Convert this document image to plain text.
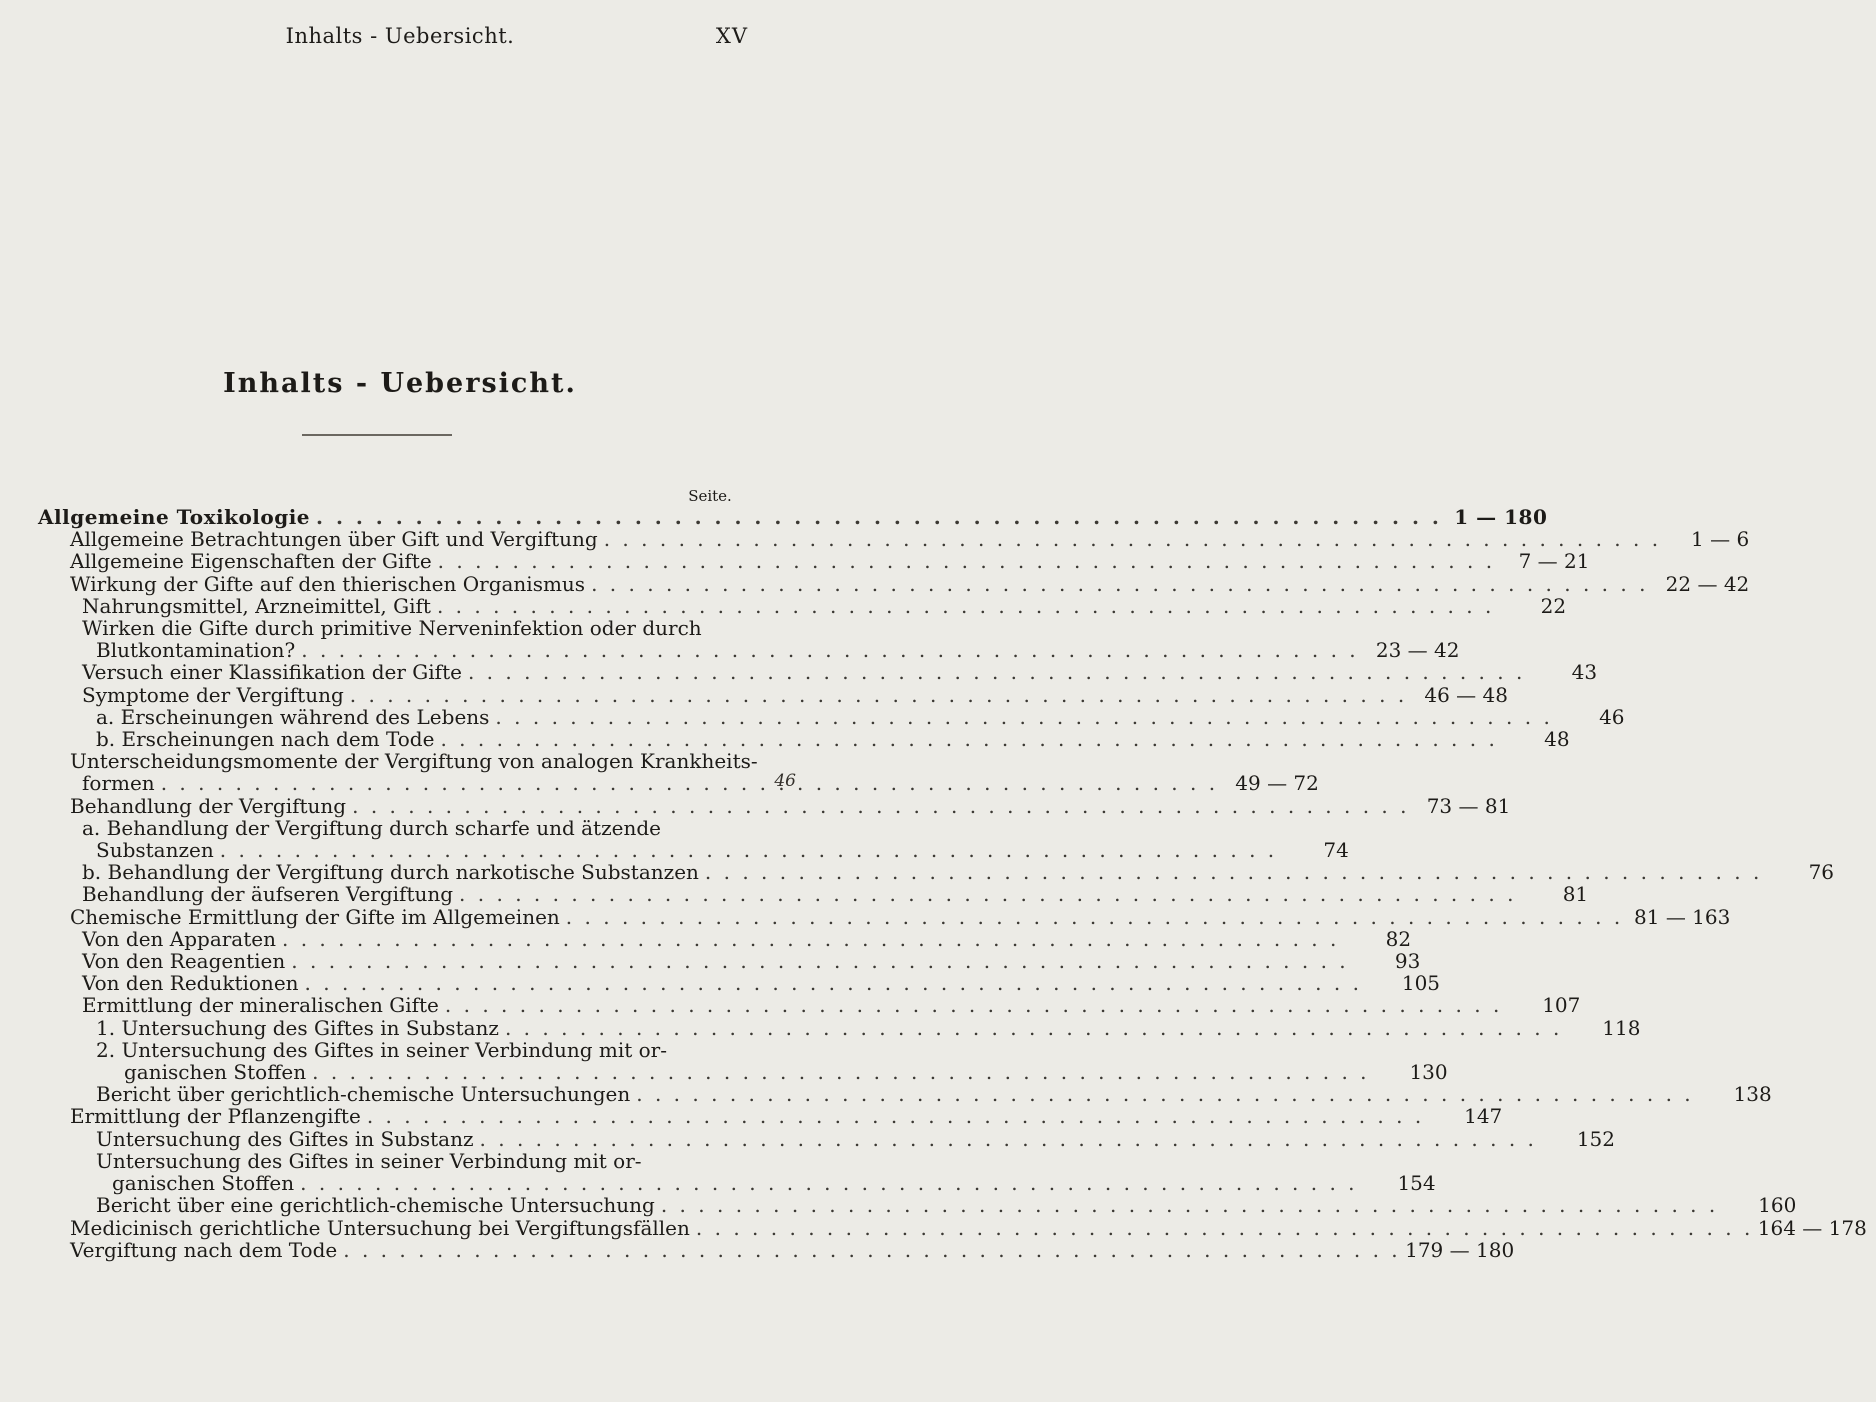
Inhalts - Uebersicht.	XV
Inhalts - Uebersicht.
Seite.
Allgemeine Toxikologie . . .	1 — 180
Allgemeine Betrachtungen über Gift und Vergiftung . . .	1 — 6
Allgemeine Eigenschaften der Gifte . . .	7 — 21
Wirkung der Gifte auf den thierischen Organismus . . .	22 — 42
Nahrungsmittel, Arzneimittel, Gift . . .	22
Wirken die Gifte durch primitive Nerveninfektion oder durch
Blutkontamination? . . .	23 — 42
Versuch einer Klassifikation der Gifte . . .	43
Symptome der Vergiftung . . .	46 — 48
a. Erscheinungen während des Lebens . . .	46
b. Erscheinungen nach dem Tode . . .	48
Unterscheidungsmomente der Vergiftung von analogen Krankheits-
formen . . .	49 — 72
Behandlung der Vergiftung . . .	73 — 81
a. Behandlung der Vergiftung durch scharfe und ätzende
Substanzen . . .	74
b. Behandlung der Vergiftung durch narkotische Substanzen . . .	76
Behandlung der äufseren Vergiftung . . .	81
Chemische Ermittlung der Gifte im Allgemeinen . . .	81 — 163
Von den Apparaten . . .	82
Von den Reagentien . . .	93
Von den Reduktionen . . .	105
Ermittlung der mineralischen Gifte . . .	107
1. Untersuchung des Giftes in Substanz . . .	118
2. Untersuchung des Giftes in seiner Verbindung mit or-
ganischen Stoffen . . .	130
Bericht über gerichtlich-chemische Untersuchungen . . .	138
Ermittlung der Pflanzengifte . . .	147
Untersuchung des Giftes in Substanz . . .	152
Untersuchung des Giftes in seiner Verbindung mit or-
ganischen Stoffen . . .	154
Bericht über eine gerichtlich-chemische Untersuchung . . .	160
Medicinisch gerichtliche Untersuchung bei Vergiftungsfällen . . .	164 — 178
Vergiftung nach dem Tode . . .	179 — 180
46
